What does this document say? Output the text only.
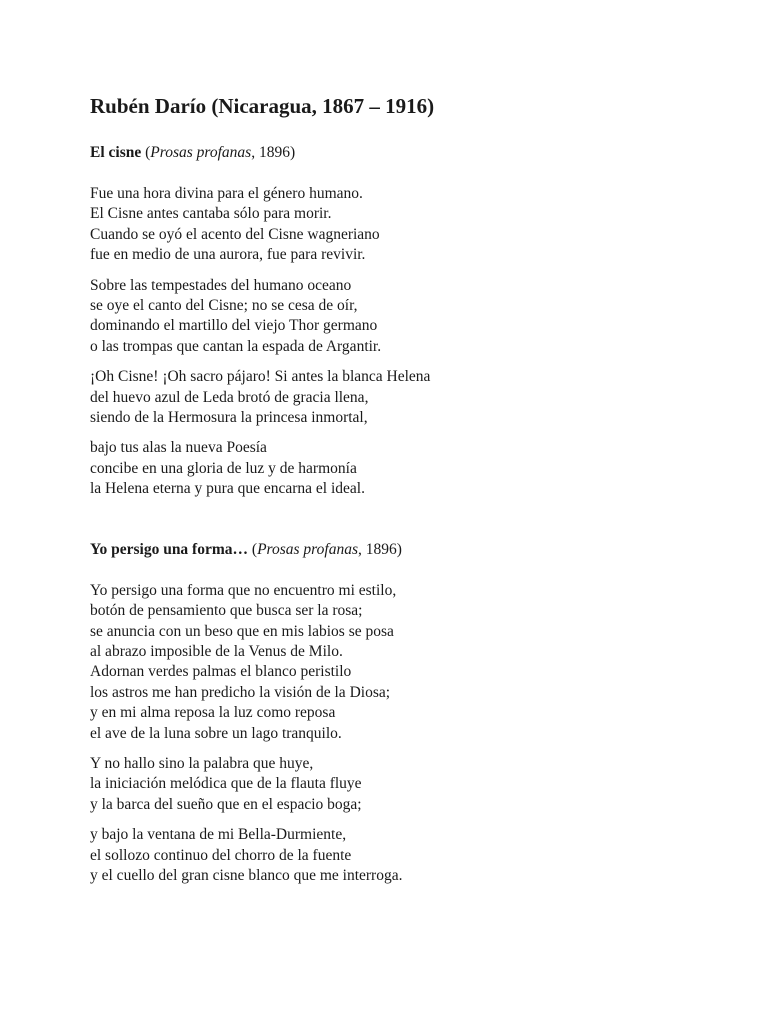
Rubén Darío (Nicaragua, 1867 – 1916)

El cisne (Prosas profanas, 1896)

Fue una hora divina para el género humano.
El Cisne antes cantaba sólo para morir.
Cuando se oyó el acento del Cisne wagneriano
fue en medio de una aurora, fue para revivir.
Sobre las tempestades del humano oceano
se oye el canto del Cisne; no se cesa de oír,
dominando el martillo del viejo Thor germano
o las trompas que cantan la espada de Argantir.
¡Oh Cisne! ¡Oh sacro pájaro! Si antes la blanca Helena
del huevo azul de Leda brotó de gracia llena,
siendo de la Hermosura la princesa inmortal,
bajo tus alas la nueva Poesía
concibe en una gloria de luz y de harmonía
la Helena eterna y pura que encarna el ideal.

Yo persigo una forma… (Prosas profanas, 1896)

Yo persigo una forma que no encuentro mi estilo,
botón de pensamiento que busca ser la rosa;
se anuncia con un beso que en mis labios se posa
al abrazo imposible de la Venus de Milo.
Adornan verdes palmas el blanco peristilo
los astros me han predicho la visión de la Diosa;
y en mi alma reposa la luz como reposa
el ave de la luna sobre un lago tranquilo.
Y no hallo sino la palabra que huye,
la iniciación melódica que de la flauta fluye
y la barca del sueño que en el espacio boga;
y bajo la ventana de mi Bella-Durmiente,
el sollozo continuo del chorro de la fuente
y el cuello del gran cisne blanco que me interroga.
